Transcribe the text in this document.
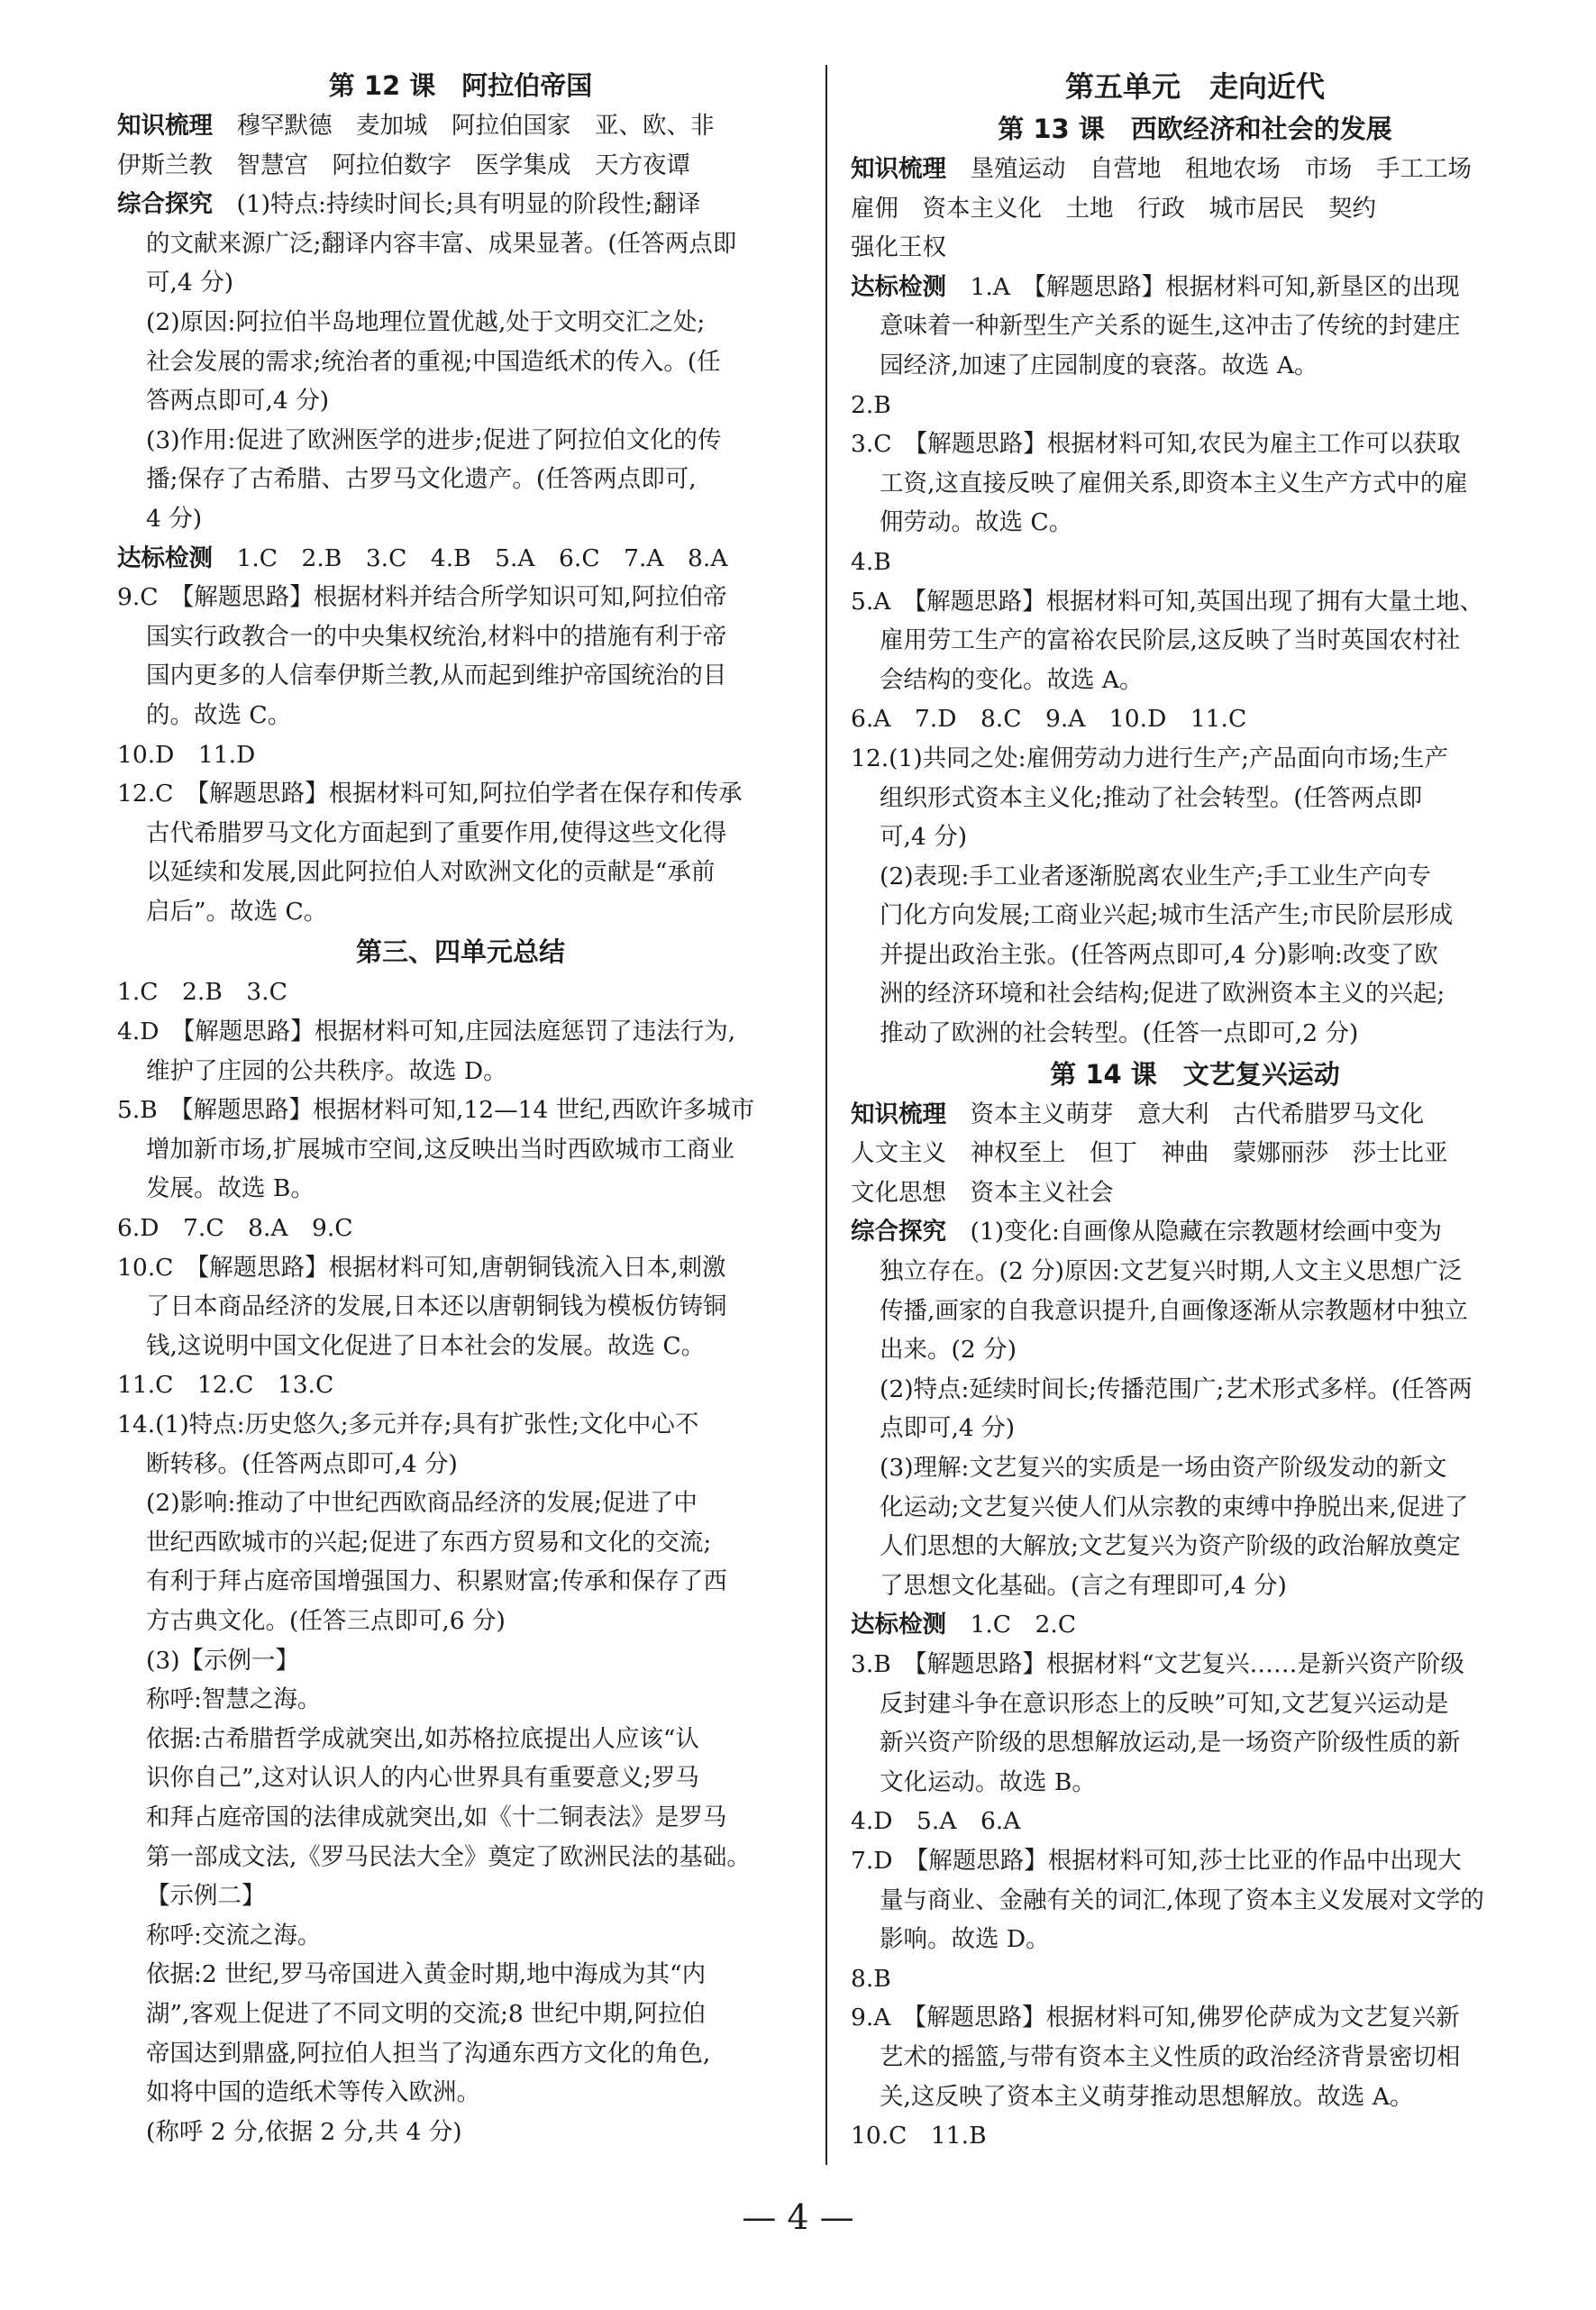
第 12 课　阿拉伯帝国
知识梳理　穆罕默德　麦加城　阿拉伯国家　亚、欧、非
伊斯兰教　智慧宫　阿拉伯数字　医学集成　天方夜谭
综合探究　(1)特点:持续时间长;具有明显的阶段性;翻译
的文献来源广泛;翻译内容丰富、成果显著。(任答两点即
可,4 分)
(2)原因:阿拉伯半岛地理位置优越,处于文明交汇之处;
社会发展的需求;统治者的重视;中国造纸术的传入。(任
答两点即可,4 分)
(3)作用:促进了欧洲医学的进步;促进了阿拉伯文化的传
播;保存了古希腊、古罗马文化遗产。(任答两点即可,
4 分)
达标检测　1.C　2.B　3.C　4.B　5.A　6.C　7.A　8.A
9.C　【解题思路】根据材料并结合所学知识可知,阿拉伯帝
国实行政教合一的中央集权统治,材料中的措施有利于帝
国内更多的人信奉伊斯兰教,从而起到维护帝国统治的目
的。故选 C。
10.D　11.D
12.C　【解题思路】根据材料可知,阿拉伯学者在保存和传承
古代希腊罗马文化方面起到了重要作用,使得这些文化得
以延续和发展,因此阿拉伯人对欧洲文化的贡献是“承前
启后”。故选 C。
第三、四单元总结
1.C　2.B　3.C
4.D　【解题思路】根据材料可知,庄园法庭惩罚了违法行为,
维护了庄园的公共秩序。故选 D。
5.B　【解题思路】根据材料可知,12—14 世纪,西欧许多城市
增加新市场,扩展城市空间,这反映出当时西欧城市工商业
发展。故选 B。
6.D　7.C　8.A　9.C
10.C　【解题思路】根据材料可知,唐朝铜钱流入日本,刺激
了日本商品经济的发展,日本还以唐朝铜钱为模板仿铸铜
钱,这说明中国文化促进了日本社会的发展。故选 C。
11.C　12.C　13.C
14.(1)特点:历史悠久;多元并存;具有扩张性;文化中心不
断转移。(任答两点即可,4 分)
(2)影响:推动了中世纪西欧商品经济的发展;促进了中
世纪西欧城市的兴起;促进了东西方贸易和文化的交流;
有利于拜占庭帝国增强国力、积累财富;传承和保存了西
方古典文化。(任答三点即可,6 分)
(3)【示例一】
称呼:智慧之海。
依据:古希腊哲学成就突出,如苏格拉底提出人应该“认
识你自己”,这对认识人的内心世界具有重要意义;罗马
和拜占庭帝国的法律成就突出,如《十二铜表法》是罗马
第一部成文法,《罗马民法大全》奠定了欧洲民法的基础。
【示例二】
称呼:交流之海。
依据:2 世纪,罗马帝国进入黄金时期,地中海成为其“内
湖”,客观上促进了不同文明的交流;8 世纪中期,阿拉伯
帝国达到鼎盛,阿拉伯人担当了沟通东西方文化的角色,
如将中国的造纸术等传入欧洲。
(称呼 2 分,依据 2 分,共 4 分)
第五单元　走向近代
第 13 课　西欧经济和社会的发展
知识梳理　垦殖运动　自营地　租地农场　市场　手工工场
雇佣　资本主义化　土地　行政　城市居民　契约
强化王权
达标检测　1.A　【解题思路】根据材料可知,新垦区的出现
意味着一种新型生产关系的诞生,这冲击了传统的封建庄
园经济,加速了庄园制度的衰落。故选 A。
2.B
3.C　【解题思路】根据材料可知,农民为雇主工作可以获取
工资,这直接反映了雇佣关系,即资本主义生产方式中的雇
佣劳动。故选 C。
4.B
5.A　【解题思路】根据材料可知,英国出现了拥有大量土地、
雇用劳工生产的富裕农民阶层,这反映了当时英国农村社
会结构的变化。故选 A。
6.A　7.D　8.C　9.A　10.D　11.C
12.(1)共同之处:雇佣劳动力进行生产;产品面向市场;生产
组织形式资本主义化;推动了社会转型。(任答两点即
可,4 分)
(2)表现:手工业者逐渐脱离农业生产;手工业生产向专
门化方向发展;工商业兴起;城市生活产生;市民阶层形成
并提出政治主张。(任答两点即可,4 分)影响:改变了欧
洲的经济环境和社会结构;促进了欧洲资本主义的兴起;
推动了欧洲的社会转型。(任答一点即可,2 分)
第 14 课　文艺复兴运动
知识梳理　资本主义萌芽　意大利　古代希腊罗马文化
人文主义　神权至上　但丁　神曲　蒙娜丽莎　莎士比亚
文化思想　资本主义社会
综合探究　(1)变化:自画像从隐藏在宗教题材绘画中变为
独立存在。(2 分)原因:文艺复兴时期,人文主义思想广泛
传播,画家的自我意识提升,自画像逐渐从宗教题材中独立
出来。(2 分)
(2)特点:延续时间长;传播范围广;艺术形式多样。(任答两
点即可,4 分)
(3)理解:文艺复兴的实质是一场由资产阶级发动的新文
化运动;文艺复兴使人们从宗教的束缚中挣脱出来,促进了
人们思想的大解放;文艺复兴为资产阶级的政治解放奠定
了思想文化基础。(言之有理即可,4 分)
达标检测　1.C　2.C
3.B　【解题思路】根据材料“文艺复兴……是新兴资产阶级
反封建斗争在意识形态上的反映”可知,文艺复兴运动是
新兴资产阶级的思想解放运动,是一场资产阶级性质的新
文化运动。故选 B。
4.D　5.A　6.A
7.D　【解题思路】根据材料可知,莎士比亚的作品中出现大
量与商业、金融有关的词汇,体现了资本主义发展对文学的
影响。故选 D。
8.B
9.A　【解题思路】根据材料可知,佛罗伦萨成为文艺复兴新
艺术的摇篮,与带有资本主义性质的政治经济背景密切相
关,这反映了资本主义萌芽推动思想解放。故选 A。
10.C　11.B
— 4 —
